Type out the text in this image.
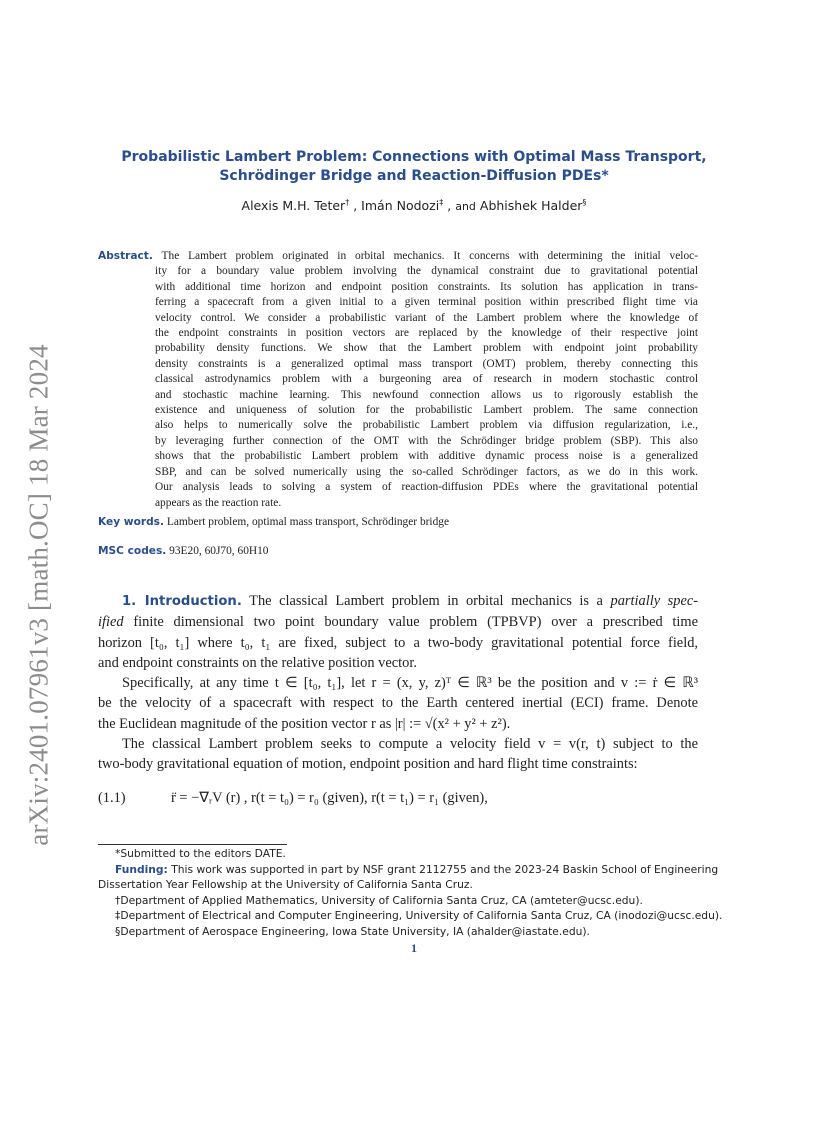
arXiv:2401.07961v3 [math.OC] 18 Mar 2024
Probabilistic Lambert Problem: Connections with Optimal Mass Transport,
Schrödinger Bridge and Reaction-Diffusion PDEs*
Alexis M.H. Teter† , Imán Nodozi‡ , and Abhishek Halder§
Abstract. The Lambert problem originated in orbital mechanics. It concerns with determining the initial veloc-
ity for a boundary value problem involving the dynamical constraint due to gravitational potential
with additional time horizon and endpoint position constraints. Its solution has application in trans-
ferring a spacecraft from a given initial to a given terminal position within prescribed flight time via
velocity control. We consider a probabilistic variant of the Lambert problem where the knowledge of
the endpoint constraints in position vectors are replaced by the knowledge of their respective joint
probability density functions. We show that the Lambert problem with endpoint joint probability
density constraints is a generalized optimal mass transport (OMT) problem, thereby connecting this
classical astrodynamics problem with a burgeoning area of research in modern stochastic control
and stochastic machine learning. This newfound connection allows us to rigorously establish the
existence and uniqueness of solution for the probabilistic Lambert problem. The same connection
also helps to numerically solve the probabilistic Lambert problem via diffusion regularization, i.e.,
by leveraging further connection of the OMT with the Schrödinger bridge problem (SBP). This also
shows that the probabilistic Lambert problem with additive dynamic process noise is a generalized
SBP, and can be solved numerically using the so-called Schrödinger factors, as we do in this work.
Our analysis leads to solving a system of reaction-diffusion PDEs where the gravitational potential
appears as the reaction rate.
Key words. Lambert problem, optimal mass transport, Schrödinger bridge
MSC codes. 93E20, 60J70, 60H10
1. Introduction. The classical Lambert problem in orbital mechanics is a partially spec-
ified finite dimensional two point boundary value problem (TPBVP) over a prescribed time
horizon [t₀, t₁] where t₀, t₁ are fixed, subject to a two-body gravitational potential force field,
and endpoint constraints on the relative position vector.
Specifically, at any time t ∈ [t₀, t₁], let r = (x, y, z)ᵀ ∈ ℝ³ be the position and v := ṙ ∈ ℝ³
be the velocity of a spacecraft with respect to the Earth centered inertial (ECI) frame. Denote
the Euclidean magnitude of the position vector r as |r| := √(x² + y² + z²).
The classical Lambert problem seeks to compute a velocity field v = v(r, t) subject to the
two-body gravitational equation of motion, endpoint position and hard flight time constraints:
(1.1)	r̈ = −∇ᵣV (r) , r(t = t₀) = r₀ (given), r(t = t₁) = r₁ (given),
*Submitted to the editors DATE.
Funding: This work was supported in part by NSF grant 2112755 and the 2023-24 Baskin School of Engineering
Dissertation Year Fellowship at the University of California Santa Cruz.
†Department of Applied Mathematics, University of California Santa Cruz, CA (amteter@ucsc.edu).
‡Department of Electrical and Computer Engineering, University of California Santa Cruz, CA (inodozi@ucsc.edu).
§Department of Aerospace Engineering, Iowa State University, IA (ahalder@iastate.edu).
1
